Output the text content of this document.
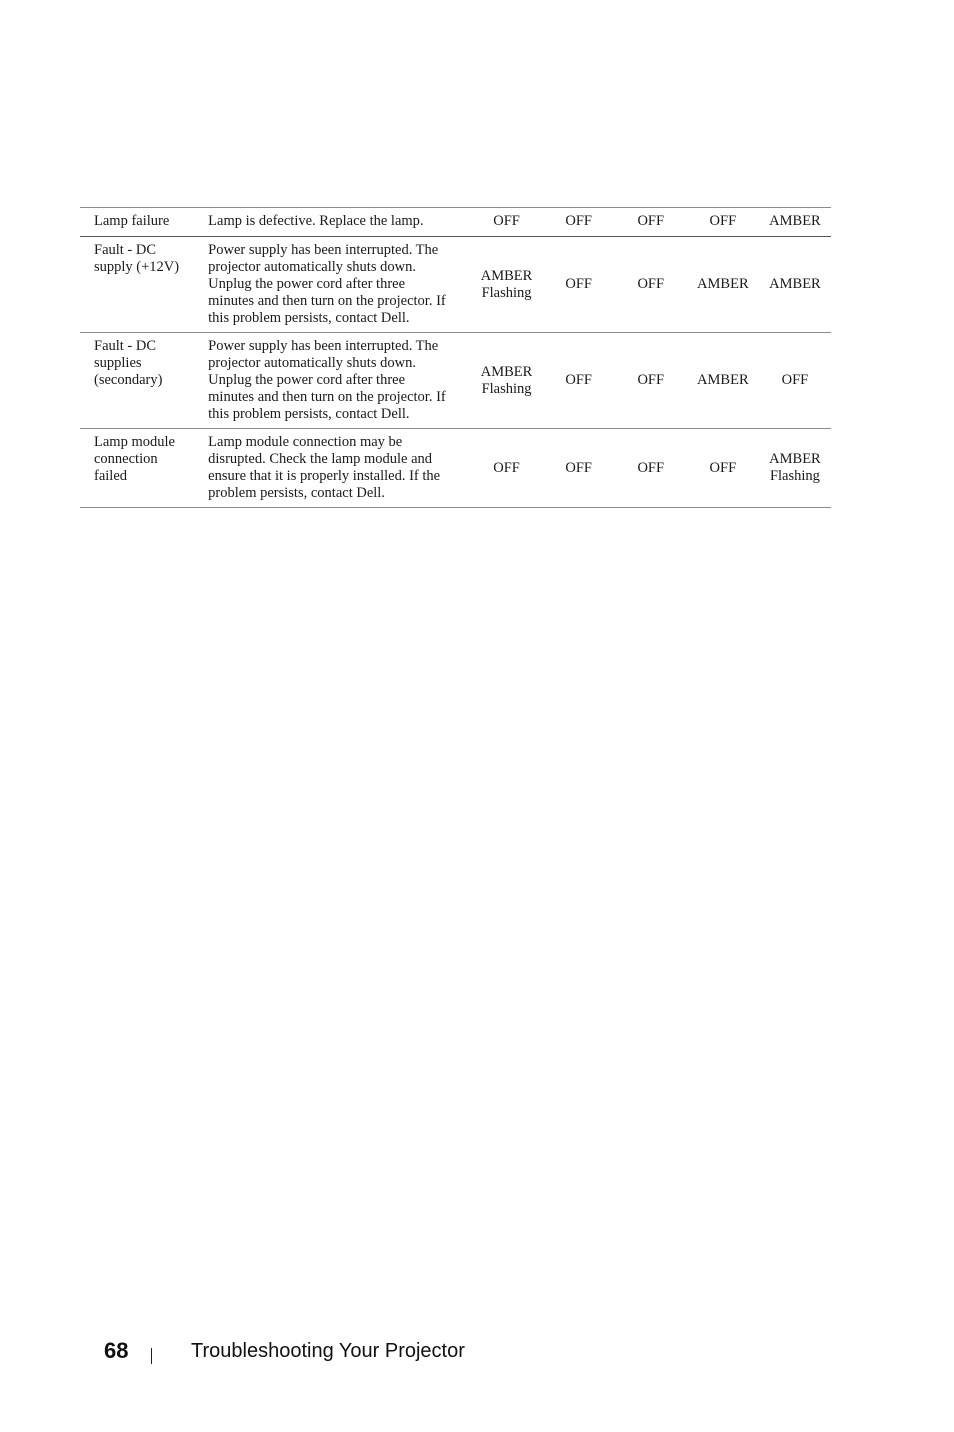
Lamp failure	Lamp is defective. Replace the lamp.	OFF	OFF	OFF	OFF	AMBER
Fault - DC
supply (+12V)	Power supply has been interrupted. The
projector automatically shuts down.
Unplug the power cord after three
minutes and then turn on the projector. If
this problem persists, contact Dell.	AMBER
Flashing	OFF	OFF	AMBER	AMBER
Fault - DC
supplies
(secondary)	Power supply has been interrupted. The
projector automatically shuts down.
Unplug the power cord after three
minutes and then turn on the projector. If
this problem persists, contact Dell.	AMBER
Flashing	OFF	OFF	AMBER	OFF
Lamp module
connection
failed	Lamp module connection may be
disrupted. Check the lamp module and
ensure that it is properly installed. If the
problem persists, contact Dell.	OFF	OFF	OFF	OFF	AMBER
Flashing
68	Troubleshooting Your Projector
